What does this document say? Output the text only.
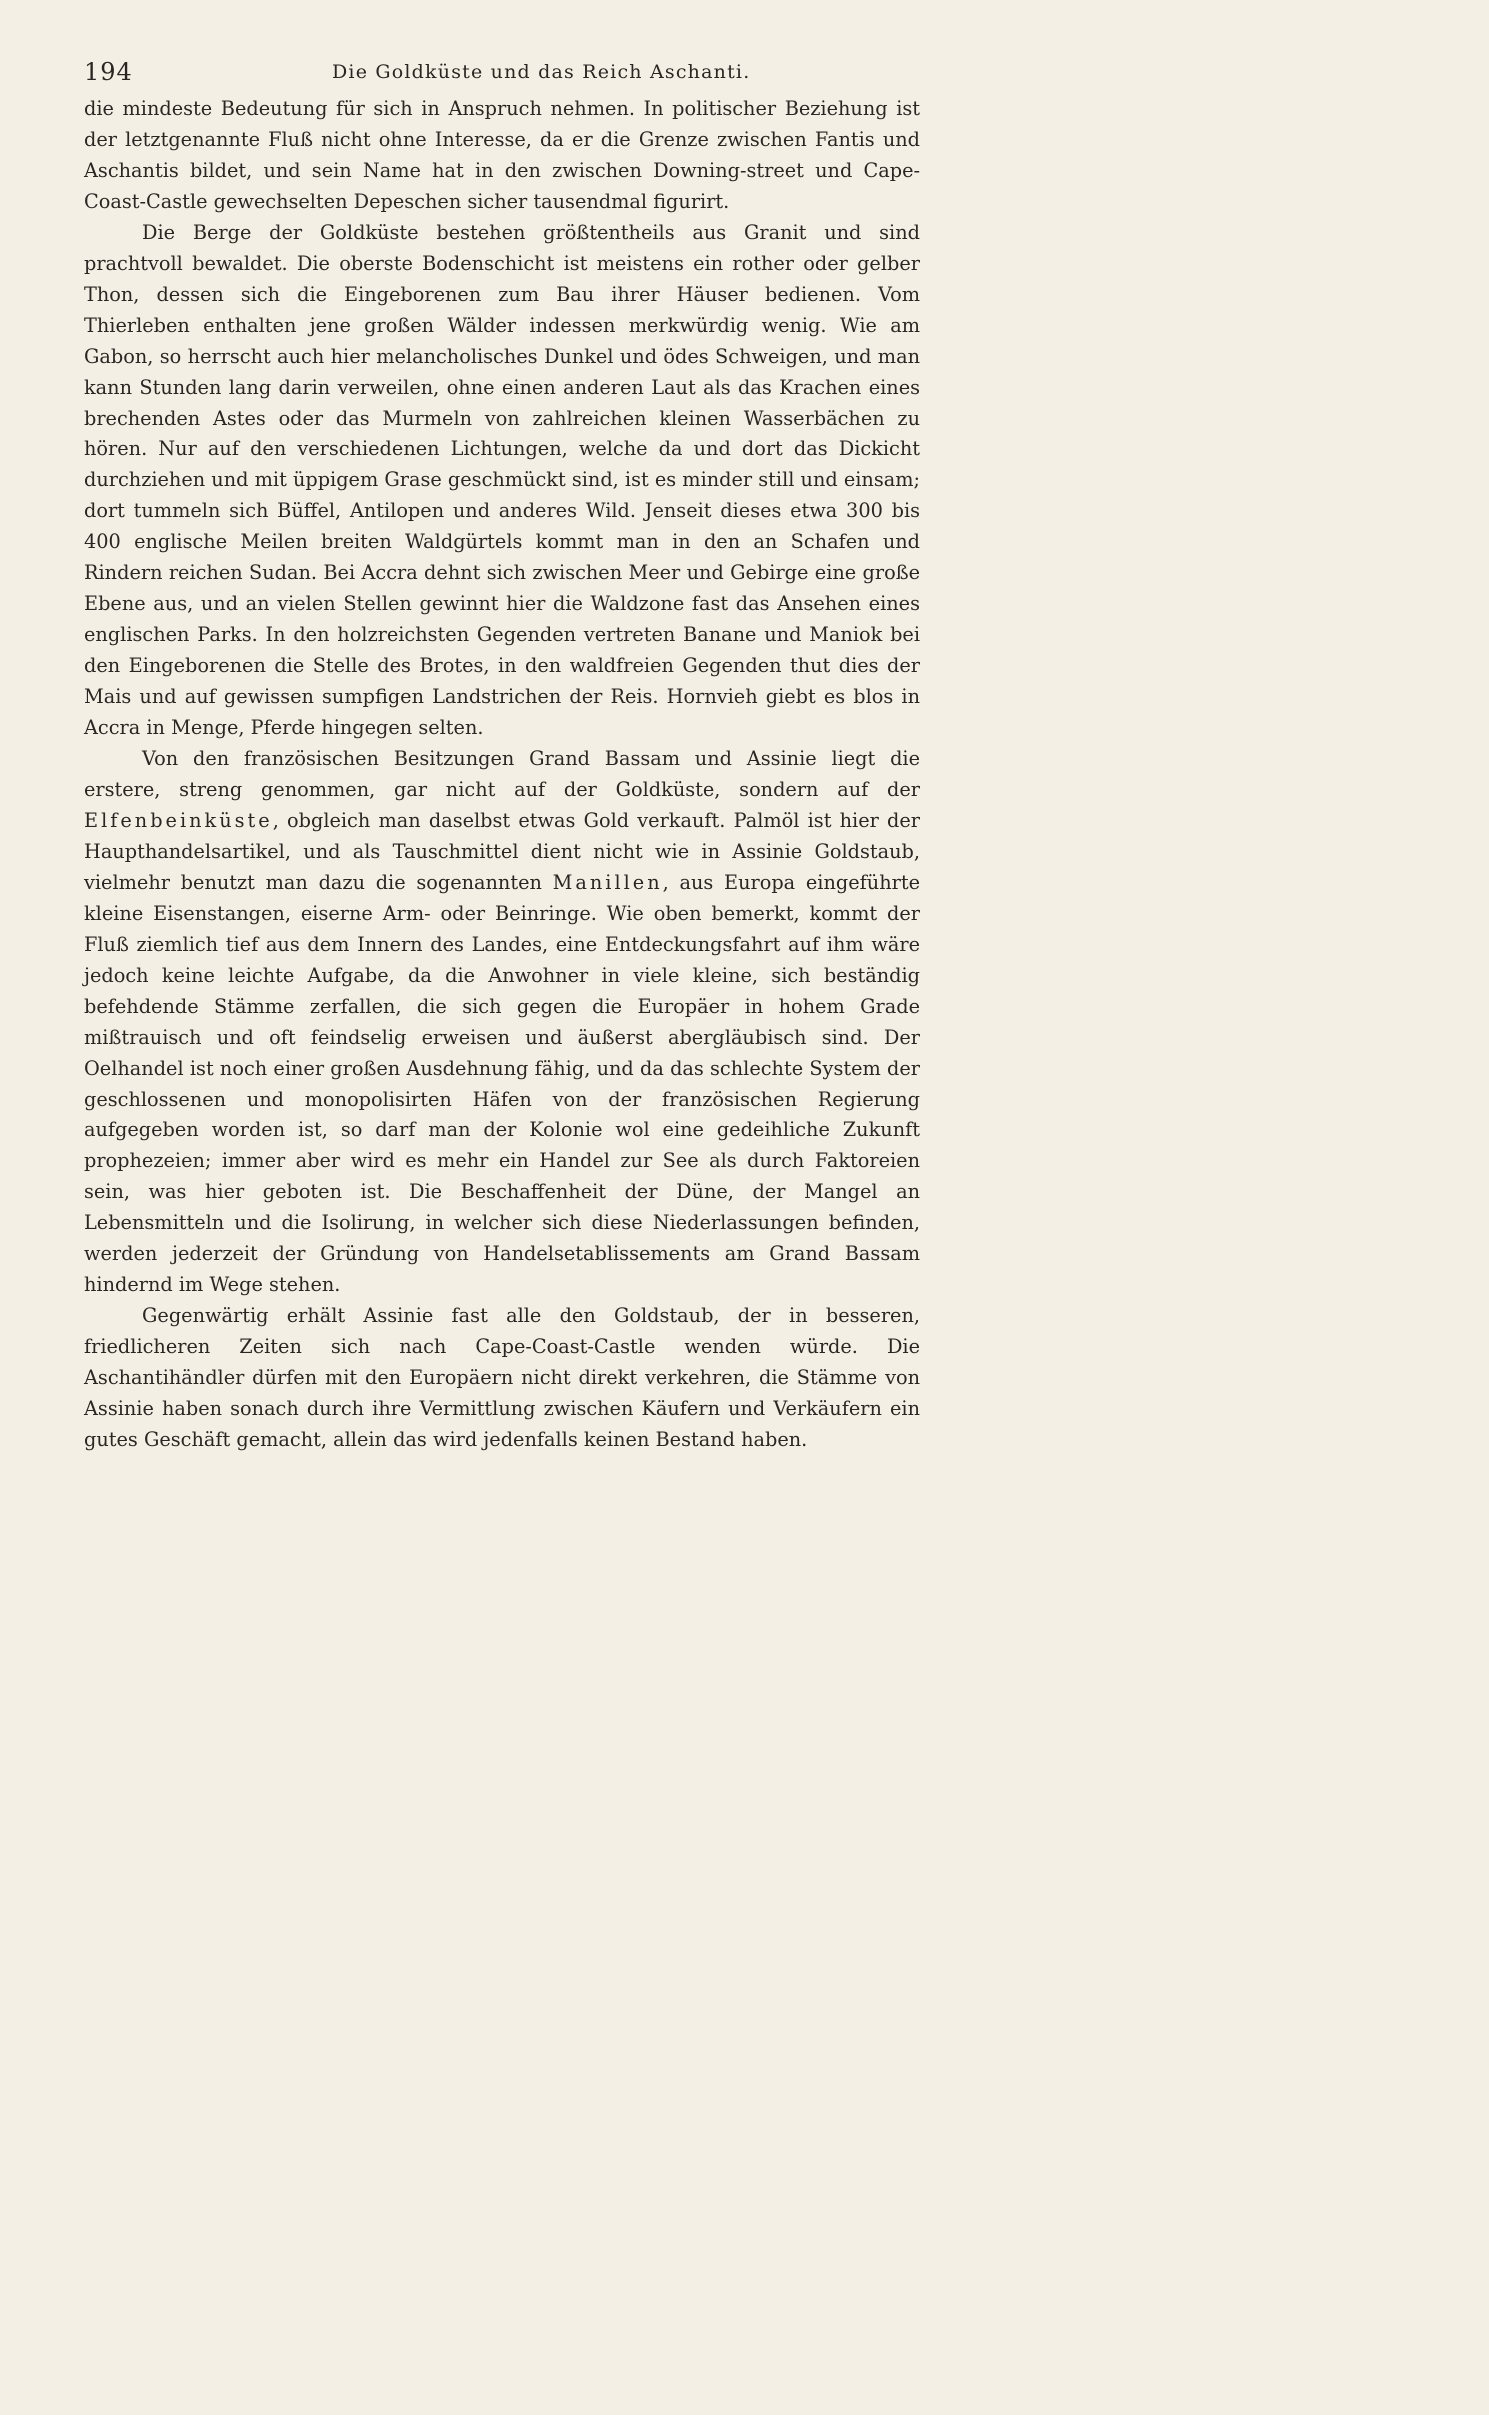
194	Die Goldküste und das Reich Aschanti.

die mindeste Bedeutung für sich in Anspruch nehmen. In politischer Beziehung ist der letztgenannte Fluß nicht ohne Interesse, da er die Grenze zwischen Fantis und Aschantis bildet, und sein Name hat in den zwischen Downing-street und Cape-Coast-Castle gewechselten Depeschen sicher tausendmal figurirt.

Die Berge der Goldküste bestehen größtentheils aus Granit und sind prachtvoll bewaldet. Die oberste Bodenschicht ist meistens ein rother oder gelber Thon, dessen sich die Eingeborenen zum Bau ihrer Häuser bedienen. Vom Thierleben enthalten jene großen Wälder indessen merkwürdig wenig. Wie am Gabon, so herrscht auch hier melancholisches Dunkel und ödes Schweigen, und man kann Stunden lang darin verweilen, ohne einen anderen Laut als das Krachen eines brechenden Astes oder das Murmeln von zahlreichen kleinen Wasserbächen zu hören. Nur auf den verschiedenen Lichtungen, welche da und dort das Dickicht durchziehen und mit üppigem Grase geschmückt sind, ist es minder still und einsam; dort tummeln sich Büffel, Antilopen und anderes Wild. Jenseit dieses etwa 300 bis 400 englische Meilen breiten Waldgürtels kommt man in den an Schafen und Rindern reichen Sudan. Bei Accra dehnt sich zwischen Meer und Gebirge eine große Ebene aus, und an vielen Stellen gewinnt hier die Waldzone fast das Ansehen eines englischen Parks. In den holzreichsten Gegenden vertreten Banane und Maniok bei den Eingeborenen die Stelle des Brotes, in den waldfreien Gegenden thut dies der Mais und auf gewissen sumpfigen Landstrichen der Reis. Hornvieh giebt es blos in Accra in Menge, Pferde hingegen selten.

Von den französischen Besitzungen Grand Bassam und Assinie liegt die erstere, streng genommen, gar nicht auf der Goldküste, sondern auf der Elfenbeinküste, obgleich man daselbst etwas Gold verkauft. Palmöl ist hier der Haupthandelsartikel, und als Tauschmittel dient nicht wie in Assinie Goldstaub, vielmehr benutzt man dazu die sogenannten Manillen, aus Europa eingeführte kleine Eisenstangen, eiserne Arm- oder Beinringe. Wie oben bemerkt, kommt der Fluß ziemlich tief aus dem Innern des Landes, eine Entdeckungsfahrt auf ihm wäre jedoch keine leichte Aufgabe, da die Anwohner in viele kleine, sich beständig befehdende Stämme zerfallen, die sich gegen die Europäer in hohem Grade mißtrauisch und oft feindselig erweisen und äußerst abergläubisch sind. Der Oelhandel ist noch einer großen Ausdehnung fähig, und da das schlechte System der geschlossenen und monopolisirten Häfen von der französischen Regierung aufgegeben worden ist, so darf man der Kolonie wol eine gedeihliche Zukunft prophezeien; immer aber wird es mehr ein Handel zur See als durch Faktoreien sein, was hier geboten ist. Die Beschaffenheit der Düne, der Mangel an Lebensmitteln und die Isolirung, in welcher sich diese Niederlassungen befinden, werden jederzeit der Gründung von Handelsetablissements am Grand Bassam hindernd im Wege stehen.

Gegenwärtig erhält Assinie fast alle den Goldstaub, der in besseren, friedlicheren Zeiten sich nach Cape-Coast-Castle wenden würde. Die Aschantihändler dürfen mit den Europäern nicht direkt verkehren, die Stämme von Assinie haben sonach durch ihre Vermittlung zwischen Käufern und Verkäufern ein gutes Geschäft gemacht, allein das wird jedenfalls keinen Bestand haben.
